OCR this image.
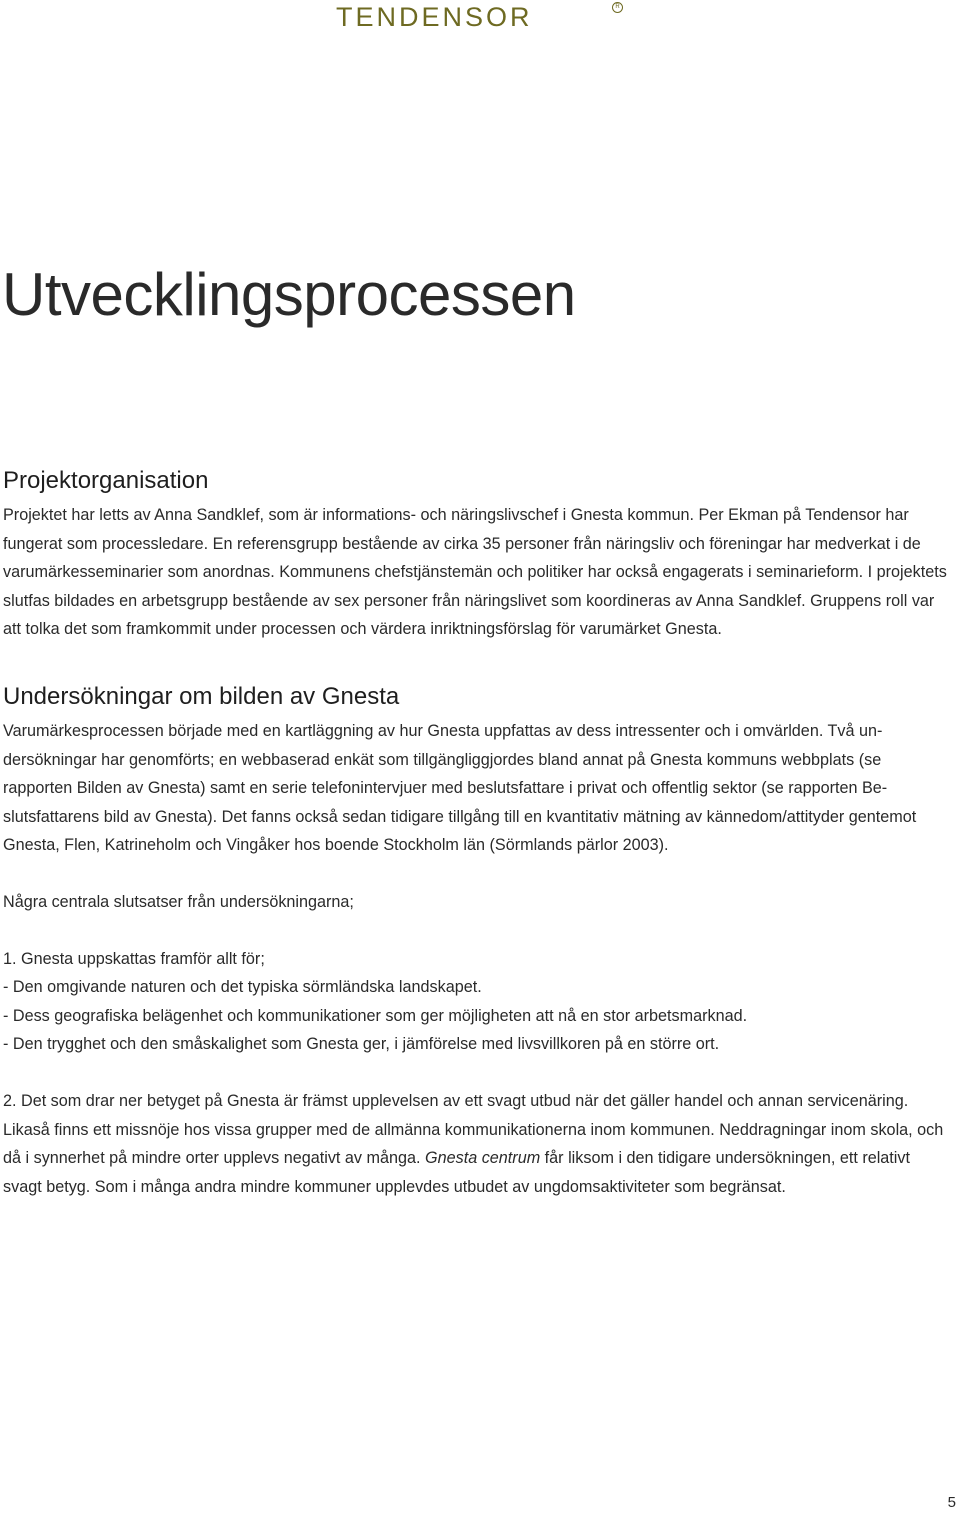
TENDENSOR	R
Utvecklingsprocessen
Projektorganisation

Projektet har letts av Anna Sandklef, som är informations- och näringslivschef i Gnesta kommun. Per Ekman på Tendensor har fungerat som processledare. En referensgrupp bestående av cirka 35 personer från näringsliv och föreningar har medverkat i de varumärkesseminarier som anordnas. Kommunens chefstjänstemän och politiker har också engagerats i seminarieform. I projektets slutfas bildades en arbetsgrupp bestående av sex personer från näringslivet som koordineras av Anna Sandklef. Gruppens roll var att tolka det som framkommit under processen och värdera inriktningsförslag för varumärket Gnesta.

Undersökningar om bilden av Gnesta

Varumärkesprocessen började med en kartläggning av hur Gnesta uppfattas av dess intressenter och i omvärlden. Två undersökningar har genomförts; en webbaserad enkät som tillgängliggjordes bland annat på Gnesta kommuns webbplats (se rapporten Bilden av Gnesta) samt en serie telefonintervjuer med beslutsfattare i privat och offentlig sektor (se rapporten Beslutsfattarens bild av Gnesta). Det fanns också sedan tidigare tillgång till en kvantitativ mätning av kännedom/attityder gentemot Gnesta, Flen, Katrineholm och Vingåker hos boende Stockholm län (Sörmlands pärlor 2003).

Några centrala slutsatser från undersökningarna;

1. Gnesta uppskattas framför allt för;

- Den omgivande naturen och det typiska sörmländska landskapet.

- Dess geografiska belägenhet och kommunikationer som ger möjligheten att nå en stor arbetsmarknad.

- Den trygghet och den småskalighet som Gnesta ger, i jämförelse med livsvillkoren på en större ort.

2. Det som drar ner betyget på Gnesta är främst upplevelsen av ett svagt utbud när det gäller handel och annan servicenäring. Likaså finns ett missnöje hos vissa grupper med de allmänna kommunikationerna inom kommunen. Neddragningar inom skola, och då i synnerhet på mindre orter upplevs negativt av många. Gnesta centrum får liksom i den tidigare undersökningen, ett relativt svagt betyg. Som i många andra mindre kommuner upplevdes utbudet av ungdomsaktiviteter som begränsat.

5
